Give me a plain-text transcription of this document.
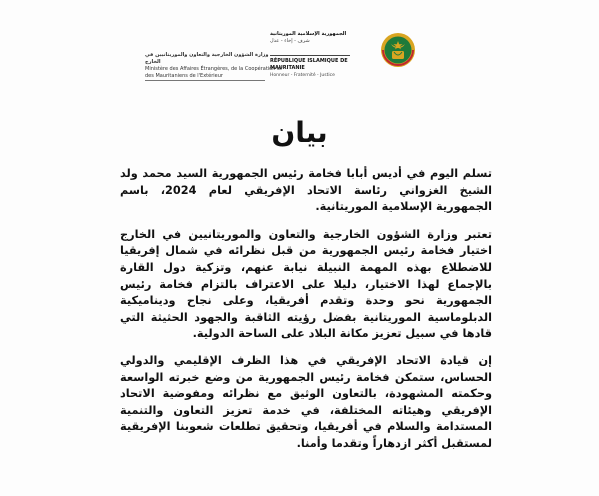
وزارة الشؤون الخارجية والتعاون والموريتانيين في الخارج
Ministère des Affaires Étrangères, de la Coopération et
des Mauritaniens de l'Extérieur
الجمهورية الإسلامية الموريتانية
شرف - إخاء - عدل
RÉPUBLIQUE ISLAMIQUE DE MAURITANIE
Honneur - Fraternité - Justice
بيان

تسلم اليوم في أديس أبابا فخامة رئيس الجمهورية السيد محمد ولد الشيخ الغزواني رئاسة الاتحاد الإفريقي لعام 2024، باسم الجمهورية الإسلامية الموريتانية.

تعتبر وزارة الشؤون الخارجية والتعاون والموريتانيين في الخارج اختيار فخامة رئيس الجمهورية من قبل نظرائه في شمال إفريقيا للاضطلاع بهذه المهمة النبيلة نيابة عنهم، وتزكية دول القارة بالإجماع لهذا الاختيار، دليلا على الاعتراف بالتزام فخامة رئيس الجمهورية نحو وحدة وتقدم أفريقيا، وعلى نجاح وديناميكية الدبلوماسية الموريتانية بفضل رؤيته الثاقبة والجهود الحثيثة التي قادها في سبيل تعزيز مكانة البلاد على الساحة الدولية.

إن قيادة الاتحاد الإفريقي في هذا الظرف الإقليمي والدولي الحساس، ستمكن فخامة رئيس الجمهورية من وضع خبرته الواسعة وحكمته المشهودة، بالتعاون الوثيق مع نظرائه ومفوضية الاتحاد الإفريقي وهيئاته المختلفة، في خدمة تعزيز التعاون والتنمية المستدامة والسلام في أفريقيا، وتحقيق تطلعات شعوبنا الإفريقية لمستقبل أكثر ازدهاراً وتقدما وأمنا.
